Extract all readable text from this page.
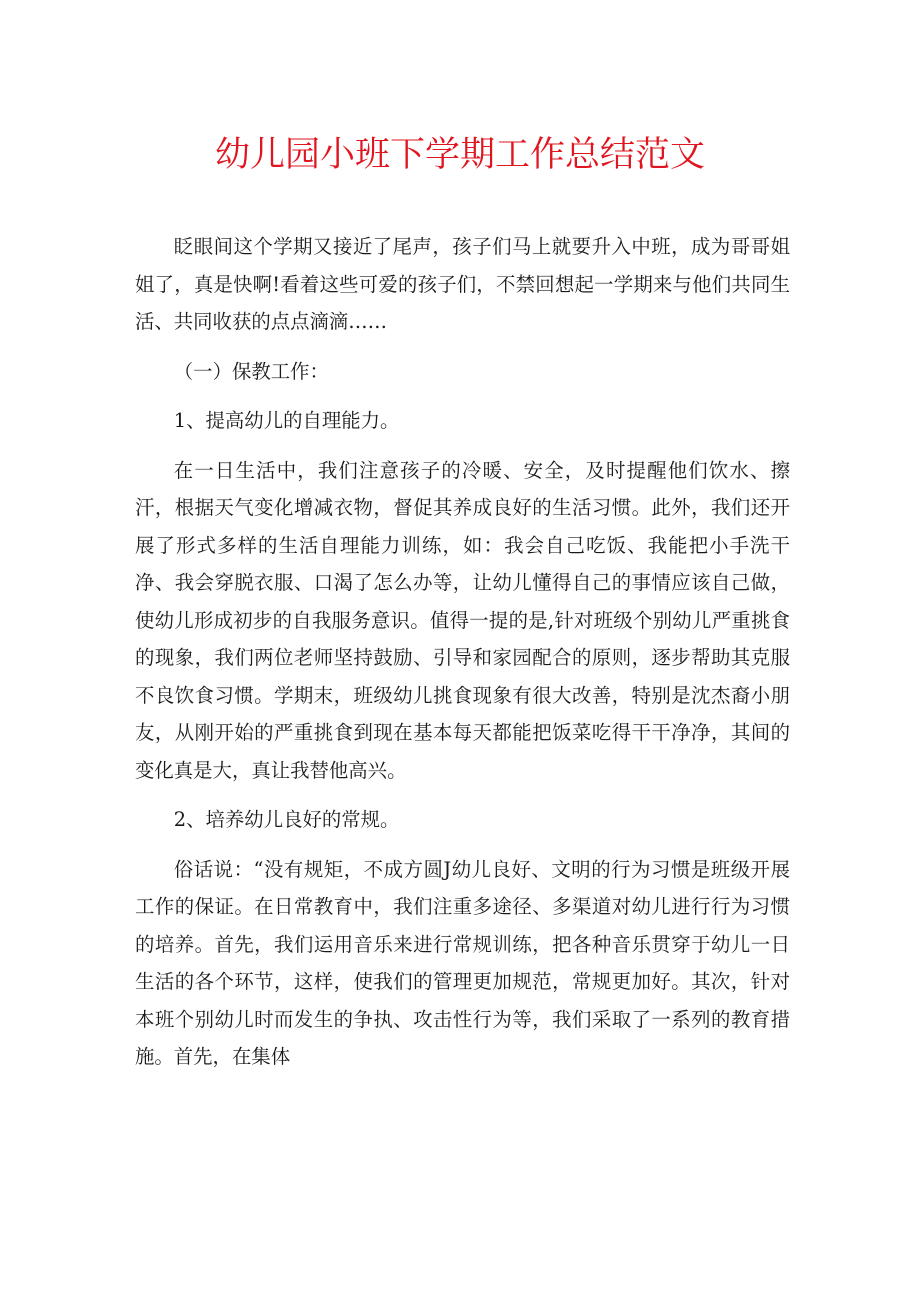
幼儿园小班下学期工作总结范文

眨眼间这个学期又接近了尾声，孩子们马上就要升入中班，成为哥哥姐姐了，真是快啊!看着这些可爱的孩子们，不禁回想起一学期来与他们共同生活、共同收获的点点滴滴……

（一）保教工作：

1、提高幼儿的自理能力。

在一日生活中，我们注意孩子的冷暖、安全，及时提醒他们饮水、擦汗，根据天气变化增减衣物，督促其养成良好的生活习惯。此外，我们还开展了形式多样的生活自理能力训练，如：我会自己吃饭、我能把小手洗干净、我会穿脱衣服、口渴了怎么办等，让幼儿懂得自己的事情应该自己做，使幼儿形成初步的自我服务意识。值得一提的是,针对班级个别幼儿严重挑食的现象，我们两位老师坚持鼓励、引导和家园配合的原则，逐步帮助其克服不良饮食习惯。学期末，班级幼儿挑食现象有很大改善，特别是沈杰裔小朋友，从刚开始的严重挑食到现在基本每天都能把饭菜吃得干干净净，其间的变化真是大，真让我替他高兴。

2、培养幼儿良好的常规。

俗话说：“没有规矩，不成方圆J幼儿良好、文明的行为习惯是班级开展工作的保证。在日常教育中，我们注重多途径、多渠道对幼儿进行行为习惯的培养。首先，我们运用音乐来进行常规训练，把各种音乐贯穿于幼儿一日生活的各个环节，这样，使我们的管理更加规范，常规更加好。其次，针对本班个别幼儿时而发生的争执、攻击性行为等，我们采取了一系列的教育措施。首先，在集体
